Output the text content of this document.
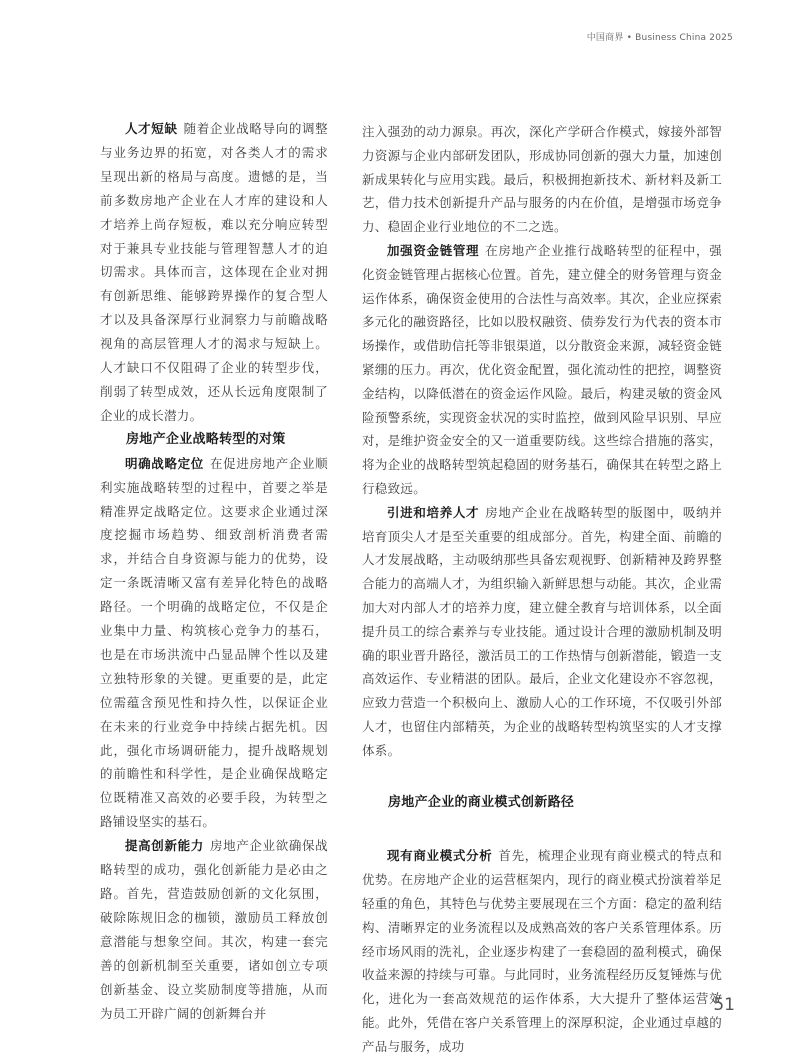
中国商界 • Business China 2025

人才短缺 随着企业战略导向的调整与业务边界的拓宽，对各类人才的需求呈现出新的格局与高度。遗憾的是，当前多数房地产企业在人才库的建设和人才培养上尚存短板，难以充分响应转型对于兼具专业技能与管理智慧人才的迫切需求。具体而言，这体现在企业对拥有创新思维、能够跨界操作的复合型人才以及具备深厚行业洞察力与前瞻战略视角的高层管理人才的渴求与短缺上。人才缺口不仅阻碍了企业的转型步伐，削弱了转型成效，还从长远角度限制了企业的成长潜力。

房地产企业战略转型的对策

明确战略定位 在促进房地产企业顺利实施战略转型的过程中，首要之举是精准界定战略定位。这要求企业通过深度挖掘市场趋势、细致剖析消费者需求，并结合自身资源与能力的优势，设定一条既清晰又富有差异化特色的战略路径。一个明确的战略定位，不仅是企业集中力量、构筑核心竞争力的基石，也是在市场洪流中凸显品牌个性以及建立独特形象的关键。更重要的是，此定位需蕴含预见性和持久性，以保证企业在未来的行业竞争中持续占据先机。因此，强化市场调研能力，提升战略规划的前瞻性和科学性，是企业确保战略定位既精准又高效的必要手段，为转型之路铺设坚实的基石。

提高创新能力 房地产企业欲确保战略转型的成功，强化创新能力是必由之路。首先，营造鼓励创新的文化氛围，破除陈规旧念的枷锁，激励员工释放创意潜能与想象空间。其次，构建一套完善的创新机制至关重要，诸如创立专项创新基金、设立奖励制度等措施，从而为员工开辟广阔的创新舞台并

注入强劲的动力源泉。再次，深化产学研合作模式，嫁接外部智力资源与企业内部研发团队，形成协同创新的强大力量，加速创新成果转化与应用实践。最后，积极拥抱新技术、新材料及新工艺，借力技术创新提升产品与服务的内在价值，是增强市场竞争力、稳固企业行业地位的不二之选。

加强资金链管理 在房地产企业推行战略转型的征程中，强化资金链管理占据核心位置。首先，建立健全的财务管理与资金运作体系，确保资金使用的合法性与高效率。其次，企业应探索多元化的融资路径，比如以股权融资、债券发行为代表的资本市场操作，或借助信托等非银渠道，以分散资金来源，减轻资金链紧绷的压力。再次，优化资金配置，强化流动性的把控，调整资金结构，以降低潜在的资金运作风险。最后，构建灵敏的资金风险预警系统，实现资金状况的实时监控，做到风险早识别、早应对，是维护资金安全的又一道重要防线。这些综合措施的落实，将为企业的战略转型筑起稳固的财务基石，确保其在转型之路上行稳致远。

引进和培养人才 房地产企业在战略转型的版图中，吸纳并培育顶尖人才是至关重要的组成部分。首先，构建全面、前瞻的人才发展战略，主动吸纳那些具备宏观视野、创新精神及跨界整合能力的高端人才，为组织输入新鲜思想与动能。其次，企业需加大对内部人才的培养力度，建立健全教育与培训体系，以全面提升员工的综合素养与专业技能。通过设计合理的激励机制及明确的职业晋升路径，激活员工的工作热情与创新潜能，锻造一支高效运作、专业精湛的团队。最后，企业文化建设亦不容忽视，应致力营造一个积极向上、激励人心的工作环境，不仅吸引外部人才，也留住内部精英，为企业的战略转型构筑坚实的人才支撑体系。

房地产企业的商业模式创新路径

现有商业模式分析 首先，梳理企业现有商业模式的特点和优势。在房地产企业的运营框架内，现行的商业模式扮演着举足轻重的角色，其特色与优势主要展现在三个方面：稳定的盈利结构、清晰界定的业务流程以及成熟高效的客户关系管理体系。历经市场风雨的洗礼，企业逐步构建了一套稳固的盈利模式，确保收益来源的持续与可靠。与此同时，业务流程经历反复锤炼与优化，进化为一套高效规范的运作体系，大大提升了整体运营效能。此外，凭借在客户关系管理上的深厚积淀，企业通过卓越的产品与服务，成功

51
